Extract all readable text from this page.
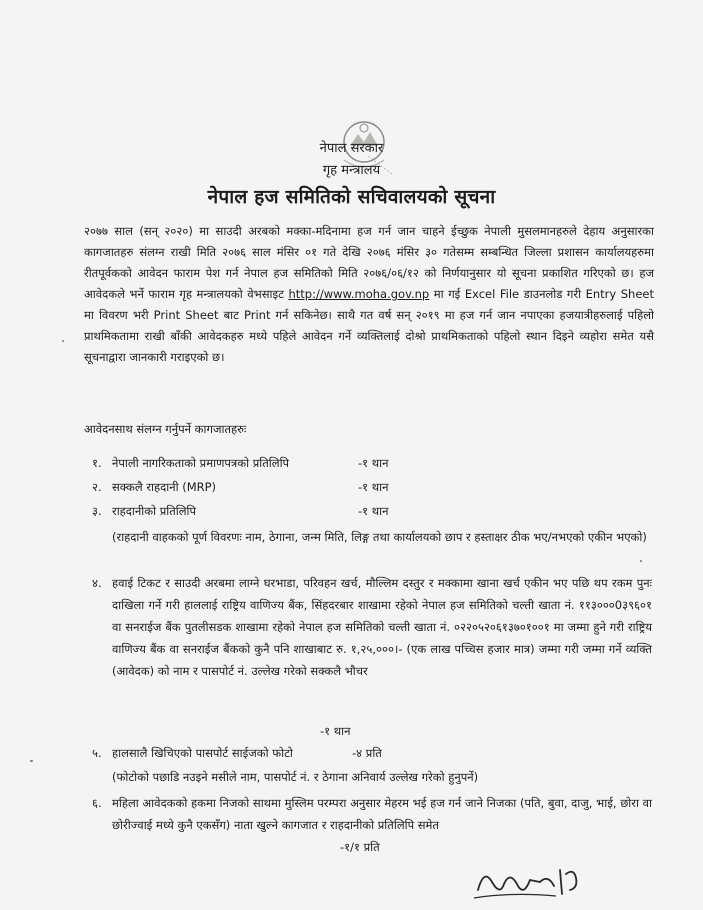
नेपाल सरकार
गृह मन्त्रालय
नेपाल हज समितिको सचिवालयको सूचना
२०७७ साल (सन् २०२०) मा साउदी अरबको मक्का-मदिनामा हज गर्न जान चाहने ईच्छुक नेपाली मुसलमानहरुले देहाय अनुसारका कागजातहरु संलग्न राखी मिति २०७६ साल मंसिर ०१ गते देखि २०७६ मंसिर ३० गतेसम्म सम्बन्धित जिल्ला प्रशासन कार्यालयहरुमा रीतपूर्वकको आवेदन फाराम पेश गर्न नेपाल हज समितिको मिति २०७६/०६/१२ को निर्णयानुसार यो सूचना प्रकाशित गरिएको छ। हज आवेदकले भर्ने फाराम गृह मन्त्रालयको वेभसाइट http://www.moha.gov.np मा गई Excel File डाउनलोड गरी Entry Sheet मा विवरण भरी Print Sheet बाट Print गर्न सकिनेछ। साथै गत वर्ष सन् २०१९ मा हज गर्न जान नपाएका हजयात्रीहरुलाई पहिलो प्राथमिकतामा राखी बाँकी आवेदकहरु मध्ये पहिले आवेदन गर्ने व्यक्तिलाई दोश्रो प्राथमिकताको पहिलो स्थान दिइने व्यहोरा समेत यसै सूचनाद्वारा जानकारी गराइएको छ।
आवेदनसाथ संलग्न गर्नुपर्ने कागजातहरुः
१. नेपाली नागरिकताको प्रमाणपत्रको प्रतिलिपि	-१ थान
२. सक्कलै राहदानी (MRP)	-१ थान
३. राहदानीको प्रतिलिपि	-१ थान
(राहदानी वाहकको पूर्ण विवरणः नाम, ठेगाना, जन्म मिति, लिङ्ग तथा कार्यालयको छाप र हस्ताक्षर ठीक भए/नभएको एकीन भएको)
४. हवाई टिकट र साउदी अरबमा लाग्ने घरभाडा, परिवहन खर्च, मौल्लिम दस्तुर र मक्कामा खाना खर्च एकीन भए पछि थप रकम पुनः दाखिला गर्ने गरी हाललाई राष्ट्रिय वाणिज्य बैंक, सिंहदरबार शाखामा रहेको नेपाल हज समितिको चल्ती खाता नं. ११३०००0३९६०१ वा सनराईज बैंक पुतलीसडक शाखामा रहेको नेपाल हज समितिको चल्ती खाता नं. ०२२०५२०६१३७०१००१ मा जम्मा हुने गरी राष्ट्रिय वाणिज्य बैंक वा सनराईज बैंकको कुनै पनि शाखाबाट रु. १,२५,०००।- (एक लाख पच्चिस हजार मात्र) जम्मा गरी जम्मा गर्ने व्यक्ति (आवेदक) को नाम र पासपोर्ट नं. उल्लेख गरेको सक्कलै भौचर
-१ थान
५. हालसालै खिचिएको पासपोर्ट साईजको फोटो	-४ प्रति
(फोटोको पछाडि नउइने मसीले नाम, पासपोर्ट नं. र ठेगाना अनिवार्य उल्लेख गरेको हुनुपर्ने)
६. महिला आवेदकको हकमा निजको साथमा मुस्लिम परम्परा अनुसार मेहरम भई हज गर्न जाने निजका (पति, बुवा, दाजु, भाई, छोरा वा छोरीज्वाई मध्ये कुनै एकसँग) नाता खुल्ने कागजात र राहदानीको प्रतिलिपि समेत
-१/१ प्रति
